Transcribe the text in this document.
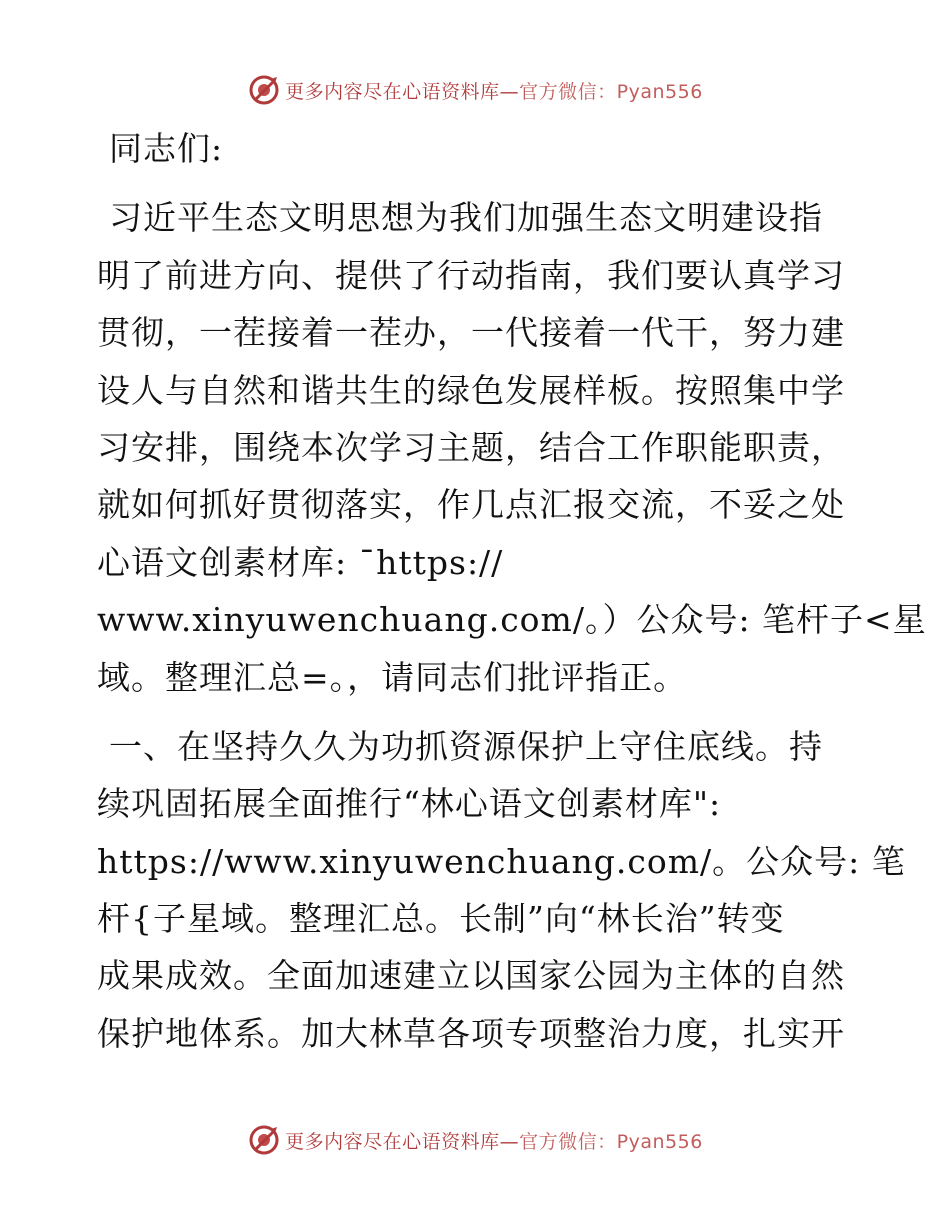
更多内容尽在心语资料库—官方微信：Pyan556
同志们:
习近平生态文明思想为我们加强生态文明建设指
明了前进方向、提供了行动指南，我们要认真学习
贯彻，一茬接着一茬办，一代接着一代干，努力建
设人与自然和谐共生的绿色发展样板。按照集中学
习安排，围绕本次学习主题，结合工作职能职责，
就如何抓好贯彻落实，作几点汇报交流，不妥之处
心语文创素材库: ¯https://
www.xinyuwenchuang.com/。）公众号: 笔杆子<星
域。整理汇总=。，请同志们批评指正。
一、在坚持久久为功抓资源保护上守住底线。持
续巩固拓展全面推行“林心语文创素材库":
https://www.xinyuwenchuang.com/。公众号: 笔
杆{子星域。整理汇总。长制”向“林长治”转变
成果成效。全面加速建立以国家公园为主体的自然
保护地体系。加大林草各项专项整治力度，扎实开
更多内容尽在心语资料库—官方微信：Pyan556
